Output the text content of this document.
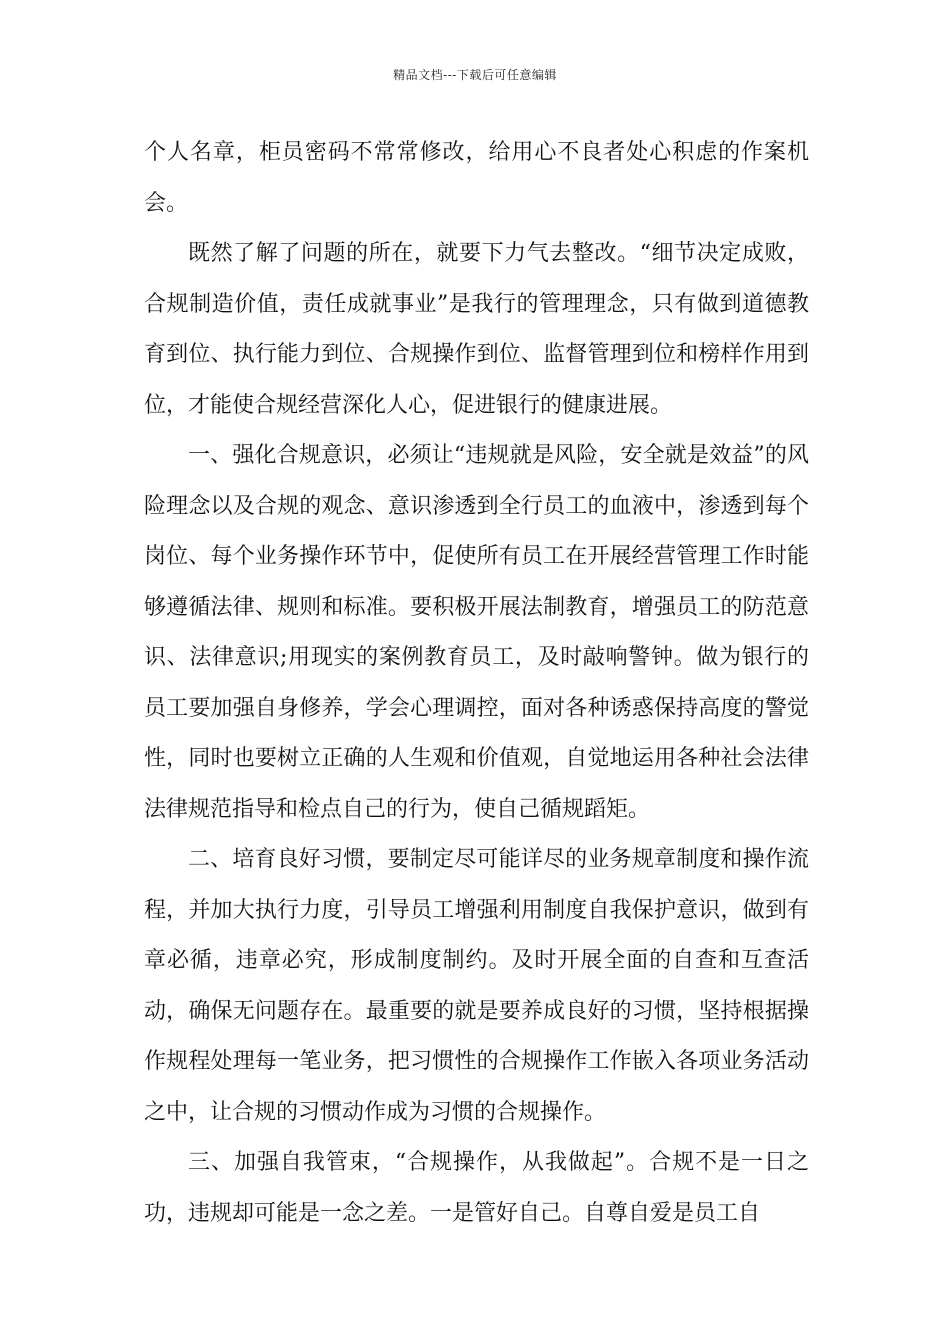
精品文档---下载后可任意编辑

个人名章，柜员密码不常常修改，给用心不良者处心积虑的作案机会。

既然了解了问题的所在，就要下力气去整改。“细节决定成败，合规制造价值，责任成就事业”是我行的管理理念，只有做到道德教育到位、执行能力到位、合规操作到位、监督管理到位和榜样作用到位，才能使合规经营深化人心，促进银行的健康进展。

一、强化合规意识，必须让“违规就是风险，安全就是效益”的风险理念以及合规的观念、意识渗透到全行员工的血液中，渗透到每个岗位、每个业务操作环节中，促使所有员工在开展经营管理工作时能够遵循法律、规则和标准。要积极开展法制教育，增强员工的防范意识、法律意识;用现实的案例教育员工，及时敲响警钟。做为银行的员工要加强自身修养，学会心理调控，面对各种诱惑保持高度的警觉性，同时也要树立正确的人生观和价值观，自觉地运用各种社会法律法律规范指导和检点自己的行为，使自己循规蹈矩。

二、培育良好习惯，要制定尽可能详尽的业务规章制度和操作流程，并加大执行力度，引导员工增强利用制度自我保护意识，做到有章必循，违章必究，形成制度制约。及时开展全面的自查和互查活动，确保无问题存在。最重要的就是要养成良好的习惯，坚持根据操作规程处理每一笔业务，把习惯性的合规操作工作嵌入各项业务活动之中，让合规的习惯动作成为习惯的合规操作。

三、加强自我管束，“合规操作，从我做起”。合规不是一日之功，违规却可能是一念之差。一是管好自己。自尊自爱是员工自
